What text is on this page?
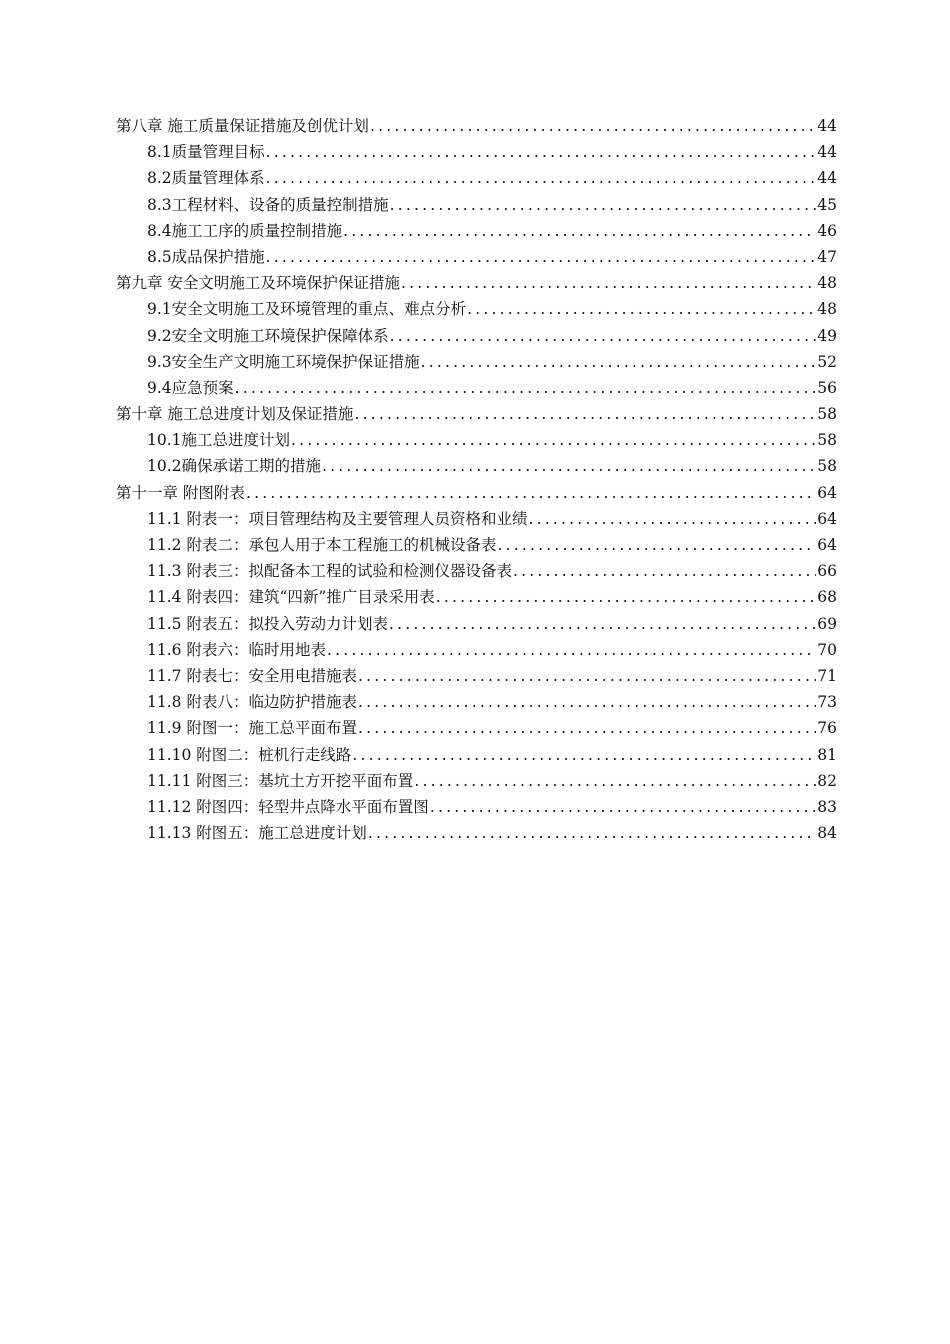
第八章 施工质量保证措施及创优计划 .....	44
8.1质量管理目标 .....	44
8.2质量管理体系 .....	44
8.3工程材料、设备的质量控制措施 .....	45
8.4施工工序的质量控制措施 .....	46
8.5成品保护措施 .....	47
第九章 安全文明施工及环境保护保证措施 .....	48
9.1安全文明施工及环境管理的重点、难点分析 .....	48
9.2安全文明施工环境保护保障体系 .....	49
9.3安全生产文明施工环境保护保证措施 .....	52
9.4应急预案 .....	56
第十章 施工总进度计划及保证措施 .....	58
10.1施工总进度计划 .....	58
10.2确保承诺工期的措施 .....	58
第十一章 附图附表 .....	64
11.1 附表一：项目管理结构及主要管理人员资格和业绩 .....	64
11.2 附表二：承包人用于本工程施工的机械设备表 .....	64
11.3 附表三：拟配备本工程的试验和检测仪器设备表 .....	66
11.4 附表四：建筑“四新”推广目录采用表 .....	68
11.5 附表五：拟投入劳动力计划表 .....	69
11.6 附表六：临时用地表 .....	70
11.7 附表七：安全用电措施表 .....	71
11.8 附表八：临边防护措施表 .....	73
11.9 附图一：施工总平面布置 .....	76
11.10 附图二：桩机行走线路 .....	81
11.11 附图三：基坑土方开挖平面布置 .....	82
11.12 附图四：轻型井点降水平面布置图 .....	83
11.13 附图五：施工总进度计划 .....	84
